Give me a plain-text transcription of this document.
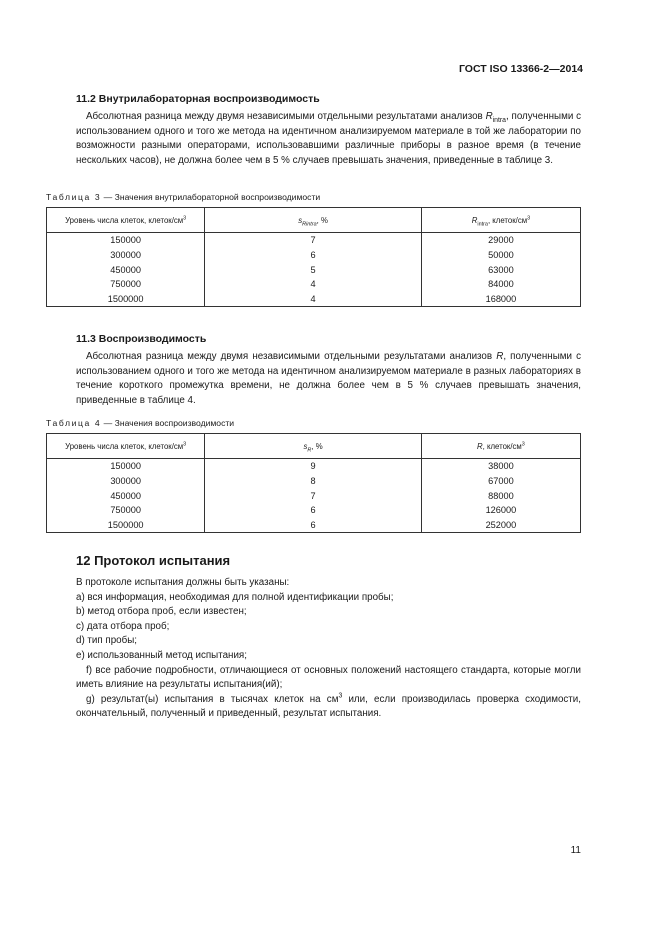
ГОСТ ISO 13366-2—2014
11.2 Внутрилабораторная воспроизводимость
Абсолютная разница между двумя независимыми отдельными результатами анализов $R_{intra}$, полученными с использованием одного и того же метода на идентичном анализируемом материале в той же лаборатории по возможности разными операторами, использовавшими различные приборы в разное время (в течение нескольких часов), не должна более чем в 5 % случаев превышать значения, приведенные в таблице 3.
Таблица 3 — Значения внутрилабораторной воспроизводимости
Уровень числа клеток, клеток/$см^3$	$s_{Rintra}$, %	$R_{intra}$, клеток/$см^3$
150000	7	29000
300000	6	50000
450000	5	63000
750000	4	84000
1500000	4	168000
11.3 Воспроизводимость
Абсолютная разница между двумя независимыми отдельными результатами анализов R, полученными с использованием одного и того же метода на идентичном анализируемом материале в разных лабораториях в течение короткого промежутка времени, не должна более чем в 5 % случаев превышать значения, приведенные в таблице 4.
Таблица 4 — Значения воспроизводимости
Уровень числа клеток, клеток/$см^3$	$s_R$, %	R, клеток/$см^3$
150000	9	38000
300000	8	67000
450000	7	88000
750000	6	126000
1500000	6	252000
12 Протокол испытания
В протоколе испытания должны быть указаны:
a) вся информация, необходимая для полной идентификации пробы;
b) метод отбора проб, если известен;
c) дата отбора проб;
d) тип пробы;
e) использованный метод испытания;
f) все рабочие подробности, отличающиеся от основных положений настоящего стандарта, которые могли иметь влияние на результаты испытания(ий);
g) результат(ы) испытания в тысячах клеток на $см^3$ или, если производилась проверка сходимости, окончательный, полученный и приведенный, результат испытания.
11
